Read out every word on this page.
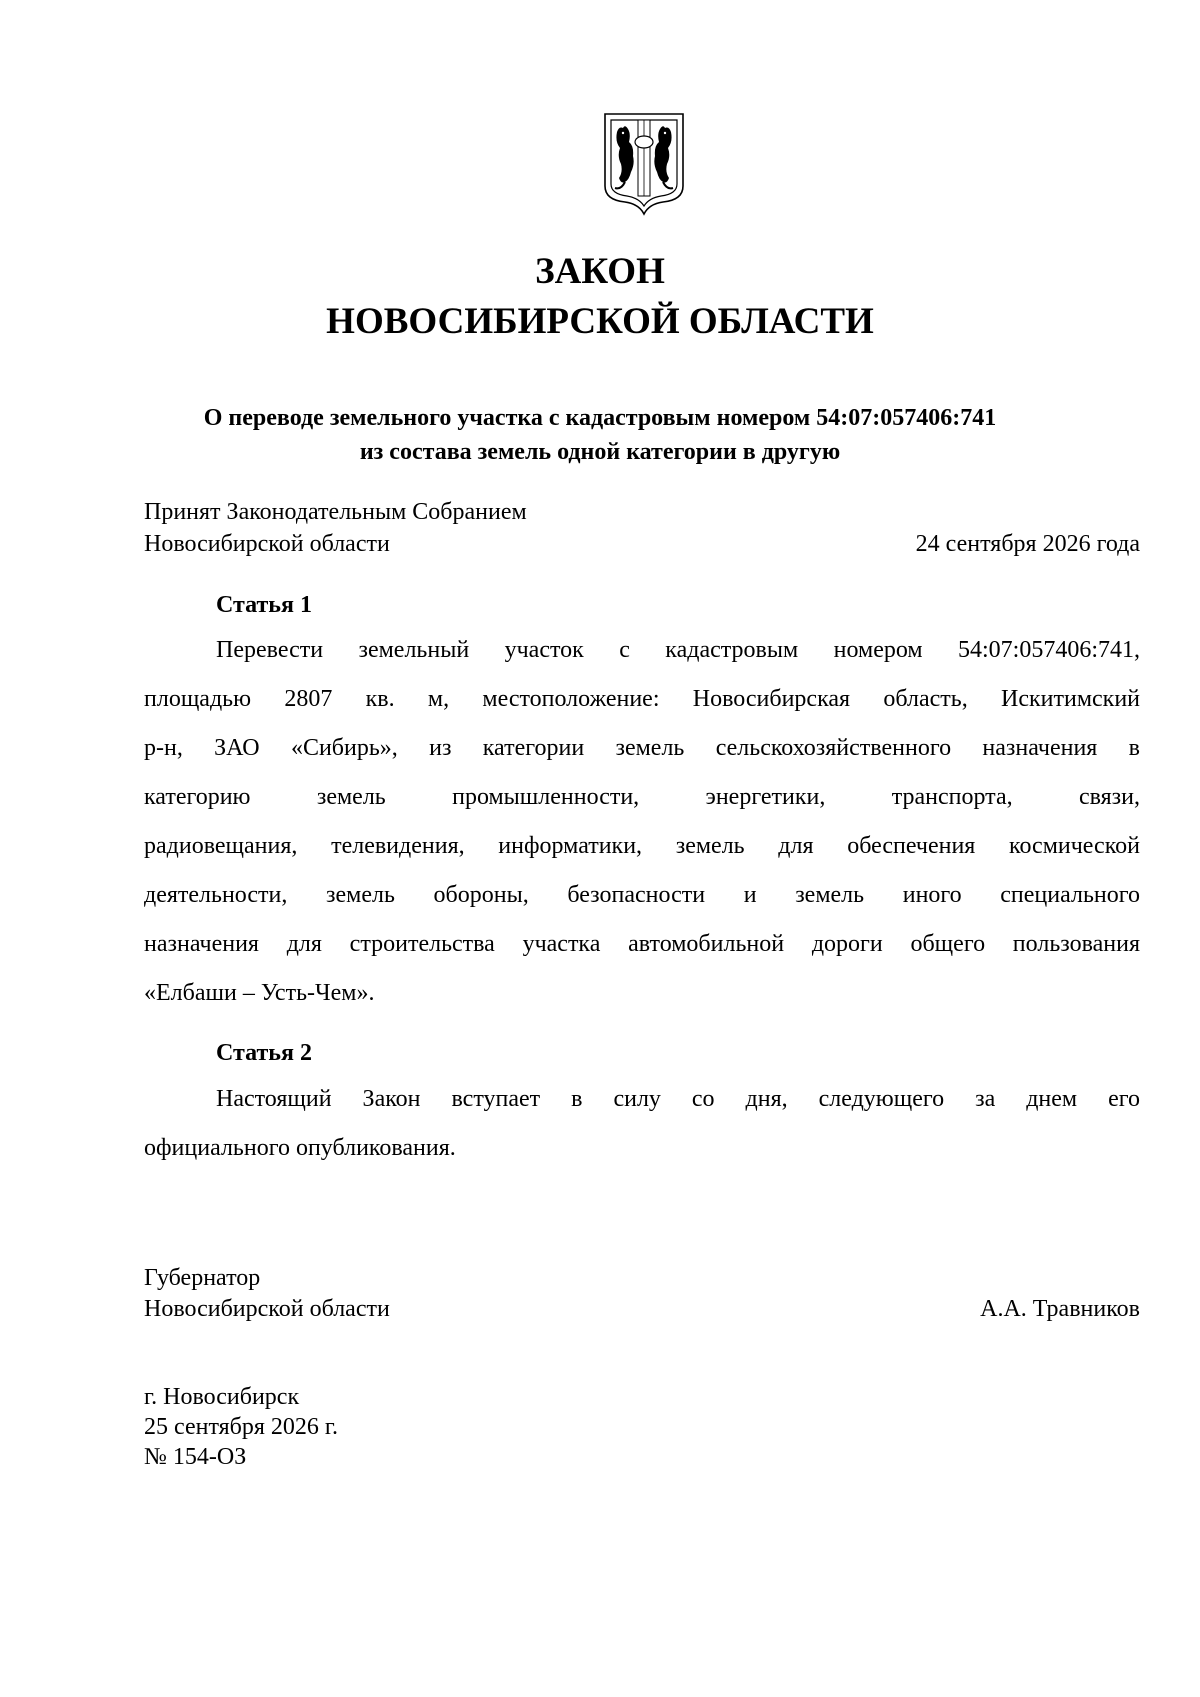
ЗАКОН
НОВОСИБИРСКОЙ ОБЛАСТИ
О переводе земельного участка с кадастровым номером 54:07:057406:741
из состава земель одной категории в другую
Принят Законодательным Собранием
Новосибирской области	24 сентября 2026 года
Статья 1

Перевести земельный участок с кадастровым номером 54:07:057406:741,
площадью 2807 кв. м, местоположение: Новосибирская область, Искитимский
р-н, ЗАО «Сибирь», из категории земель сельскохозяйственного назначения в
категорию земель промышленности, энергетики, транспорта, связи,
радиовещания, телевидения, информатики, земель для обеспечения космической
деятельности, земель обороны, безопасности и земель иного специального
назначения для строительства участка автомобильной дороги общего пользования
«Елбаши – Усть-Чем».

Статья 2

Настоящий Закон вступает в силу со дня, следующего за днем его
официального опубликования.

Губернатор
Новосибирской области	А.А. Травников
г. Новосибирск
25 сентября 2026 г.
№ 154-ОЗ
